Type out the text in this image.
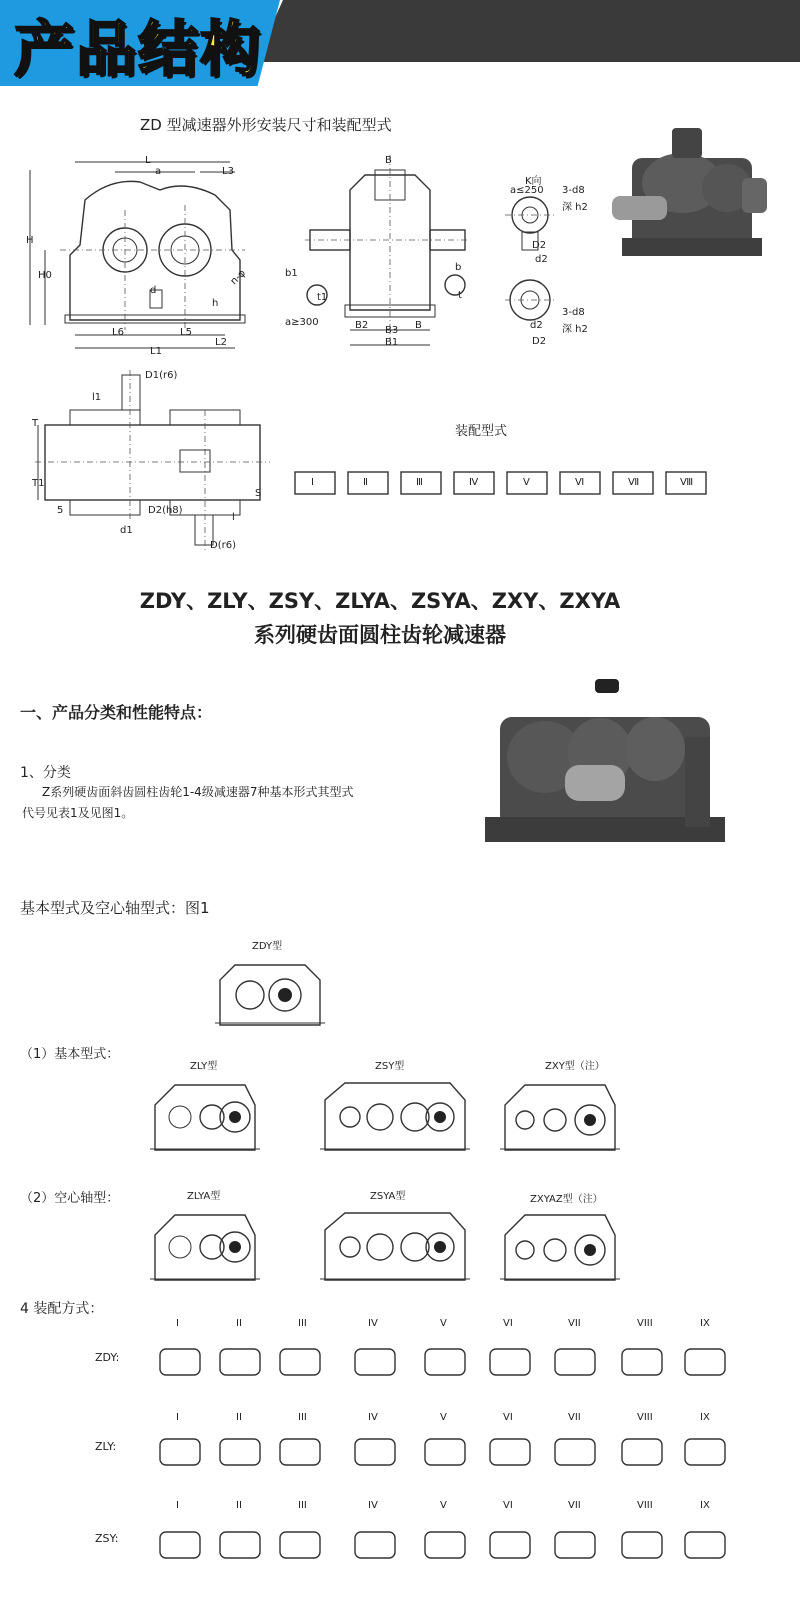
产品结构
ZD 型减速器外形安装尺寸和装配型式
L
a	L3
H
H0
h
d
L6	L5
L2
L1
n-φ
B
b1
t1
a≥300	B2 B3 B
B1
b
t
K向
a≤250 3-d8
深 h2
D2
d2
3-d8
深 h2
d2
D2
D1(r6)
l1
T
T1
S
l
5
d1
D2(h8)
D(r6)
装配型式
Ⅰ	Ⅱ	Ⅲ	Ⅳ	Ⅴ	Ⅵ	Ⅶ	Ⅷ
ZDY、ZLY、ZSY、ZLYA、ZSYA、ZXY、ZXYA
系列硬齿面圆柱齿轮减速器
一、产品分类和性能特点：
1、分类
Z系列硬齿面斜齿圆柱齿轮1-4级减速器7种基本形式其型式
代号见表1及见图1。
基本型式及空心轴型式：图1
ZDY型
（1）基本型式：
ZLY型	ZSY型	ZXY型（注）
（2）空心轴型：	ZLYA型	ZSYA型	ZXYAZ型（注）
4 装配方式：
I	II	III	IV	V	VI	VII	VIII	IX
ZDY:
I	II	III	IV	V	VI	VII	VIII	IX
ZLY:
I	II	III	IV	V	VI	VII	VIII	IX
ZSY:
